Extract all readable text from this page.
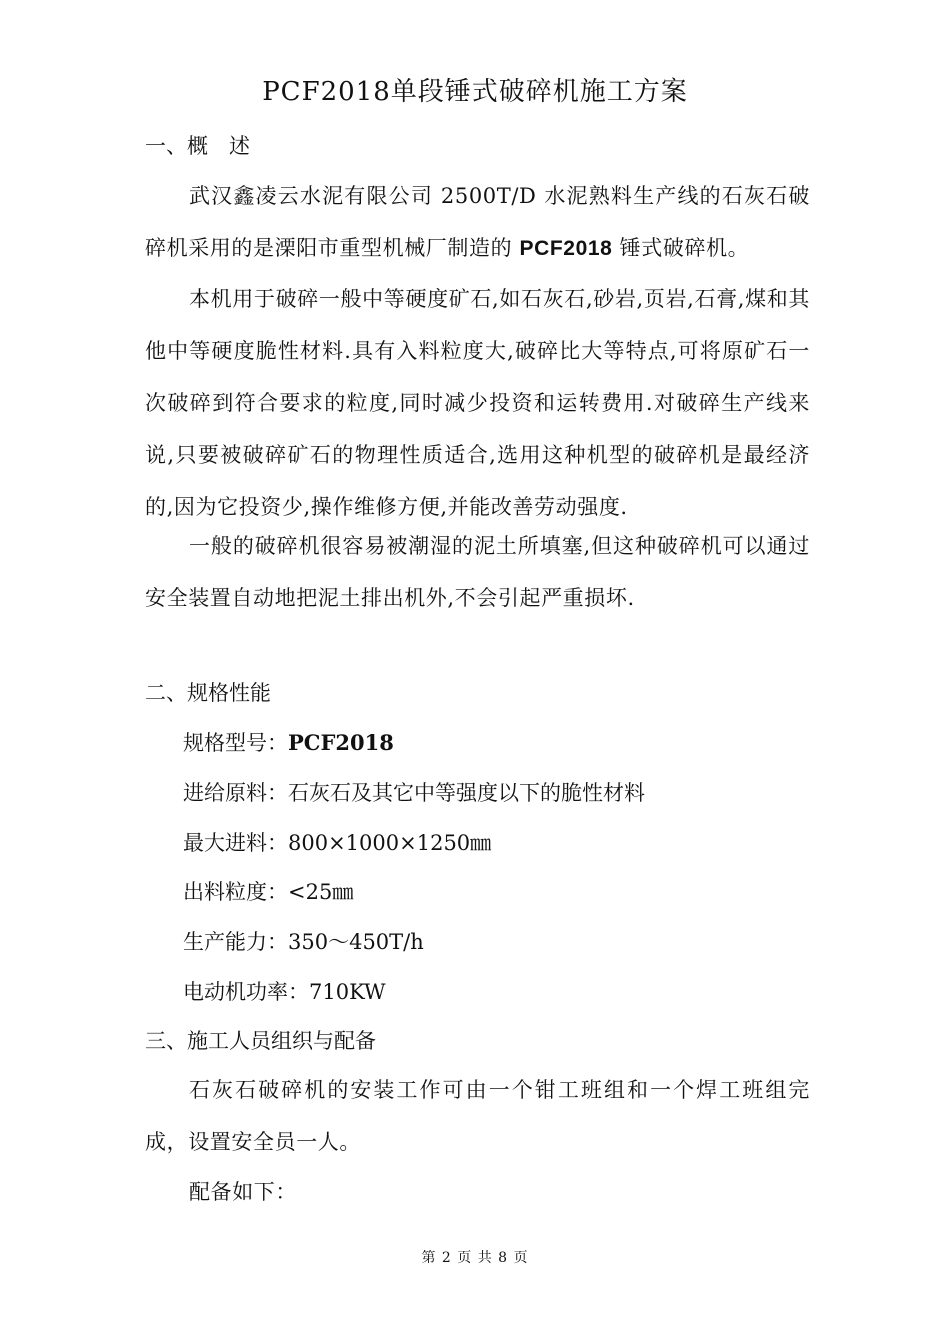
PCF2018单段锤式破碎机施工方案
一、概　述
武汉鑫凌云水泥有限公司 2500T/D 水泥熟料生产线的石灰石破碎机采用的是溧阳市重型机械厂制造的 PCF2018 锤式破碎机。
本机用于破碎一般中等硬度矿石,如石灰石,砂岩,页岩,石膏,煤和其他中等硬度脆性材料.具有入料粒度大,破碎比大等特点,可将原矿石一次破碎到符合要求的粒度,同时减少投资和运转费用.对破碎生产线来说,只要被破碎矿石的物理性质适合,选用这种机型的破碎机是最经济的,因为它投资少,操作维修方便,并能改善劳动强度.
一般的破碎机很容易被潮湿的泥土所填塞,但这种破碎机可以通过安全装置自动地把泥土排出机外,不会引起严重损坏.
二、规格性能
规格型号：PCF2018
进给原料：石灰石及其它中等强度以下的脆性材料
最大进料：800×1000×1250㎜
出料粒度：<25㎜
生产能力：350～450T/h
电动机功率：710KW
三、施工人员组织与配备
石灰石破碎机的安装工作可由一个钳工班组和一个焊工班组完成，设置安全员一人。
配备如下：
第 2 页 共 8 页
